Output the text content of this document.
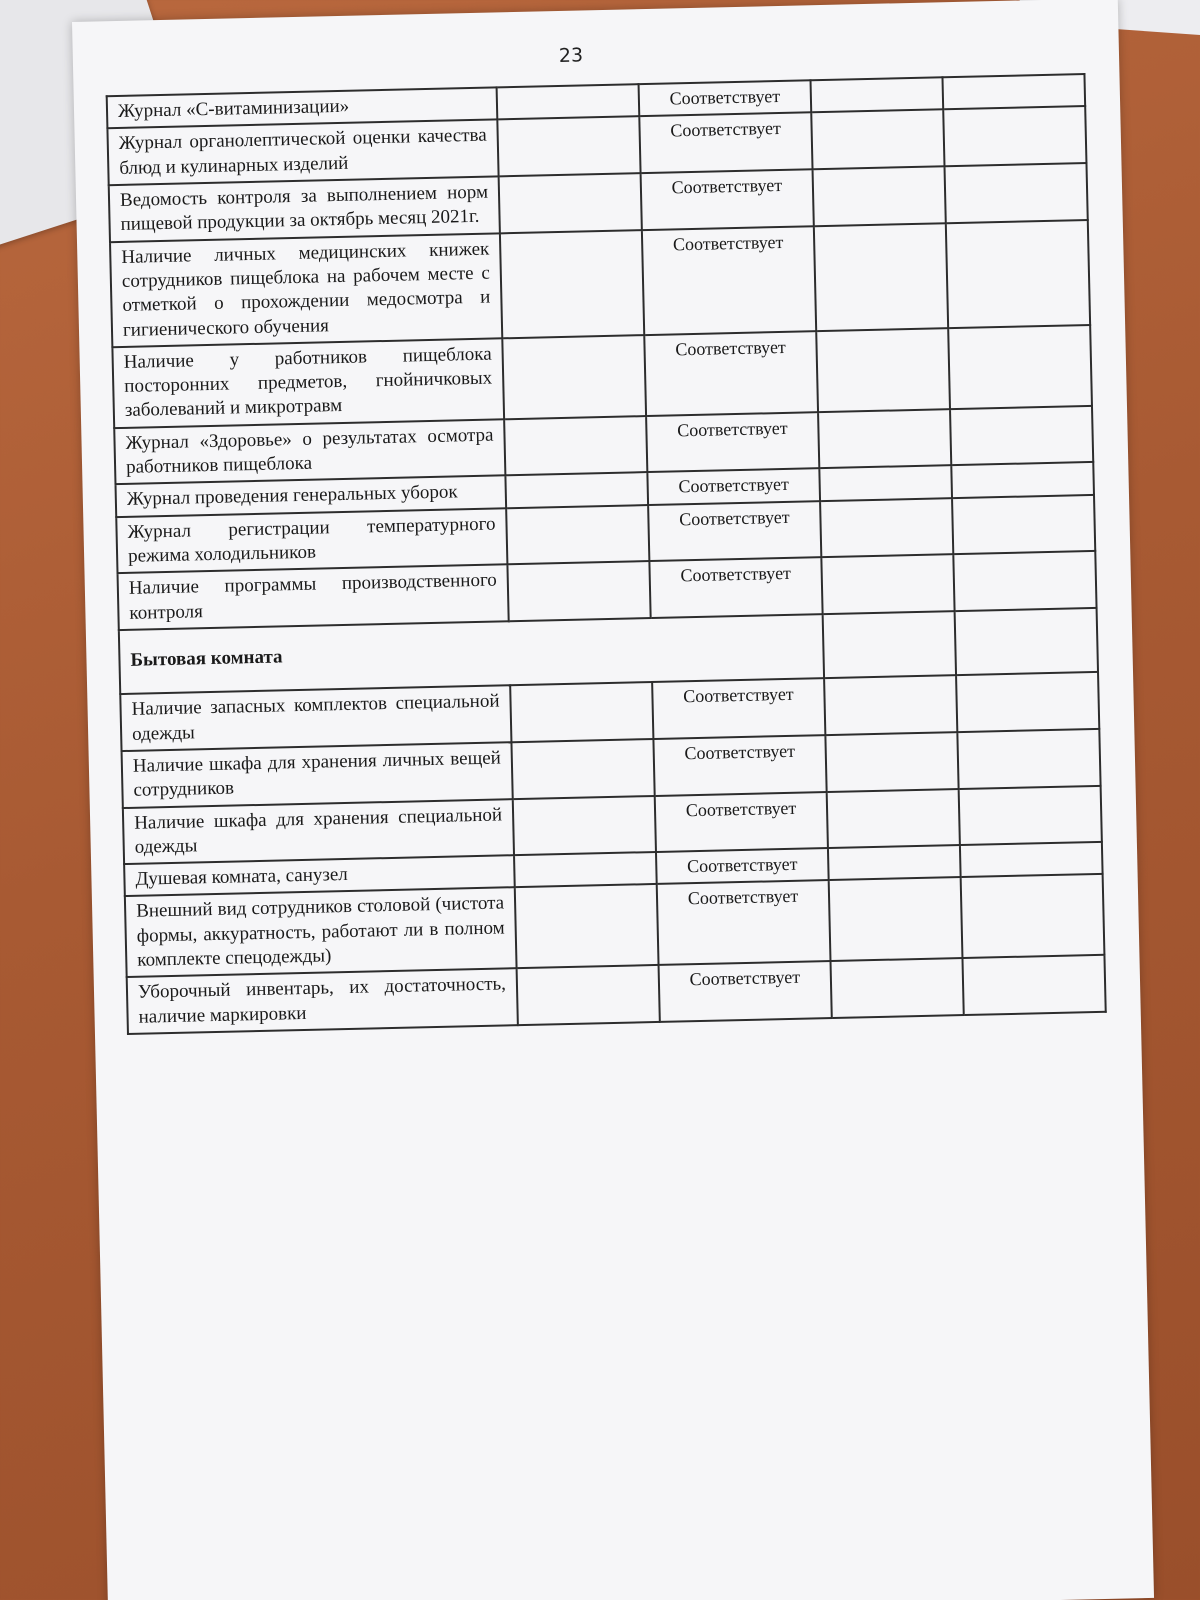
23
Журнал «С-витаминизации»		Соответствует		
Журнал органолептической оценки качества блюд и кулинарных изделий		Соответствует		
Ведомость контроля за выполнением норм пищевой продукции за октябрь месяц 2021г.		Соответствует		
Наличие личных медицинских книжек сотрудников пищеблока на рабочем месте с отметкой о прохождении медосмотра и гигиенического обучения		Соответствует		
Наличие у работников пищеблока посторонних предметов, гнойничковых заболеваний и микротравм		Соответствует		
Журнал «Здоровье» о результатах осмотра работников пищеблока		Соответствует		
Журнал проведения генеральных уборок		Соответствует		
Журнал регистрации температурного режима холодильников		Соответствует		
Наличие программы производственного контроля		Соответствует		
Бытовая комната				
Наличие запасных комплектов специальной одежды		Соответствует		
Наличие шкафа для хранения личных вещей сотрудников		Соответствует		
Наличие шкафа для хранения специальной одежды		Соответствует		
Душевая комната, санузел		Соответствует		
Внешний вид сотрудников столовой (чистота формы, аккуратность, работают ли в полном комплекте спецодежды)		Соответствует		
Уборочный инвентарь, их достаточность, наличие маркировки		Соответствует		
